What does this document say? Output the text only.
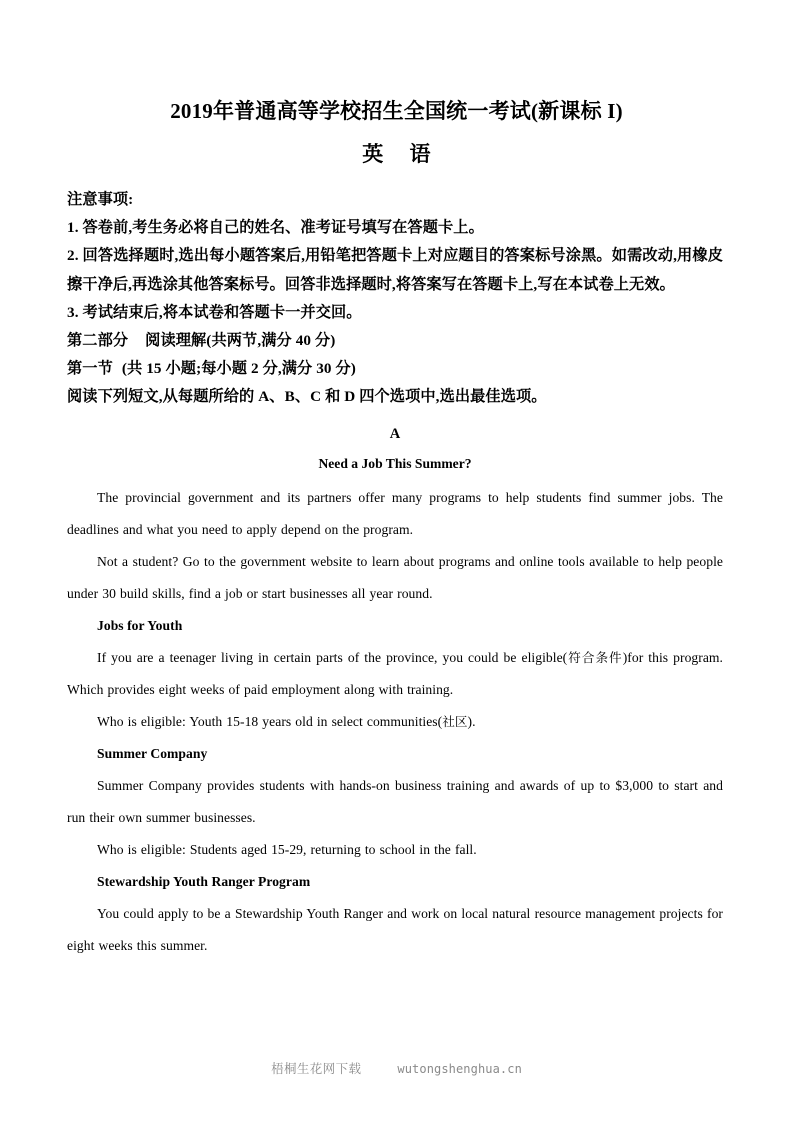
2019年普通高等学校招生全国统一考试(新课标 I)
英 语
注意事项:
1. 答卷前,考生务必将自己的姓名、准考证号填写在答题卡上。
2. 回答选择题时,选出每小题答案后,用铅笔把答题卡上对应题目的答案标号涂黑。如需改动,用橡皮擦干净后,再选涂其他答案标号。回答非选择题时,将答案写在答题卡上,写在本试卷上无效。
3. 考试结束后,将本试卷和答题卡一并交回。
第二部分 阅读理解(共两节,满分 40 分)
第一节 (共 15 小题;每小题 2 分,满分 30 分)
阅读下列短文,从每题所给的 A、B、C 和 D 四个选项中,选出最佳选项。
A
Need a Job This Summer?

The provincial government and its partners offer many programs to help students find summer jobs. The deadlines and what you need to apply depend on the program.

Not a student? Go to the government website to learn about programs and online tools available to help people under 30 build skills, find a job or start businesses all year round.

Jobs for Youth

If you are a teenager living in certain parts of the province, you could be eligible(符合条件)for this program. Which provides eight weeks of paid employment along with training.

Who is eligible: Youth 15-18 years old in select communities(社区).

Summer Company

Summer Company provides students with hands-on business training and awards of up to $3,000 to start and run their own summer businesses.

Who is eligible: Students aged 15-29, returning to school in the fall.

Stewardship Youth Ranger Program

You could apply to be a Stewardship Youth Ranger and work on local natural resource management projects for eight weeks this summer.

梧桐生花网下载	wutongshenghua.cn
